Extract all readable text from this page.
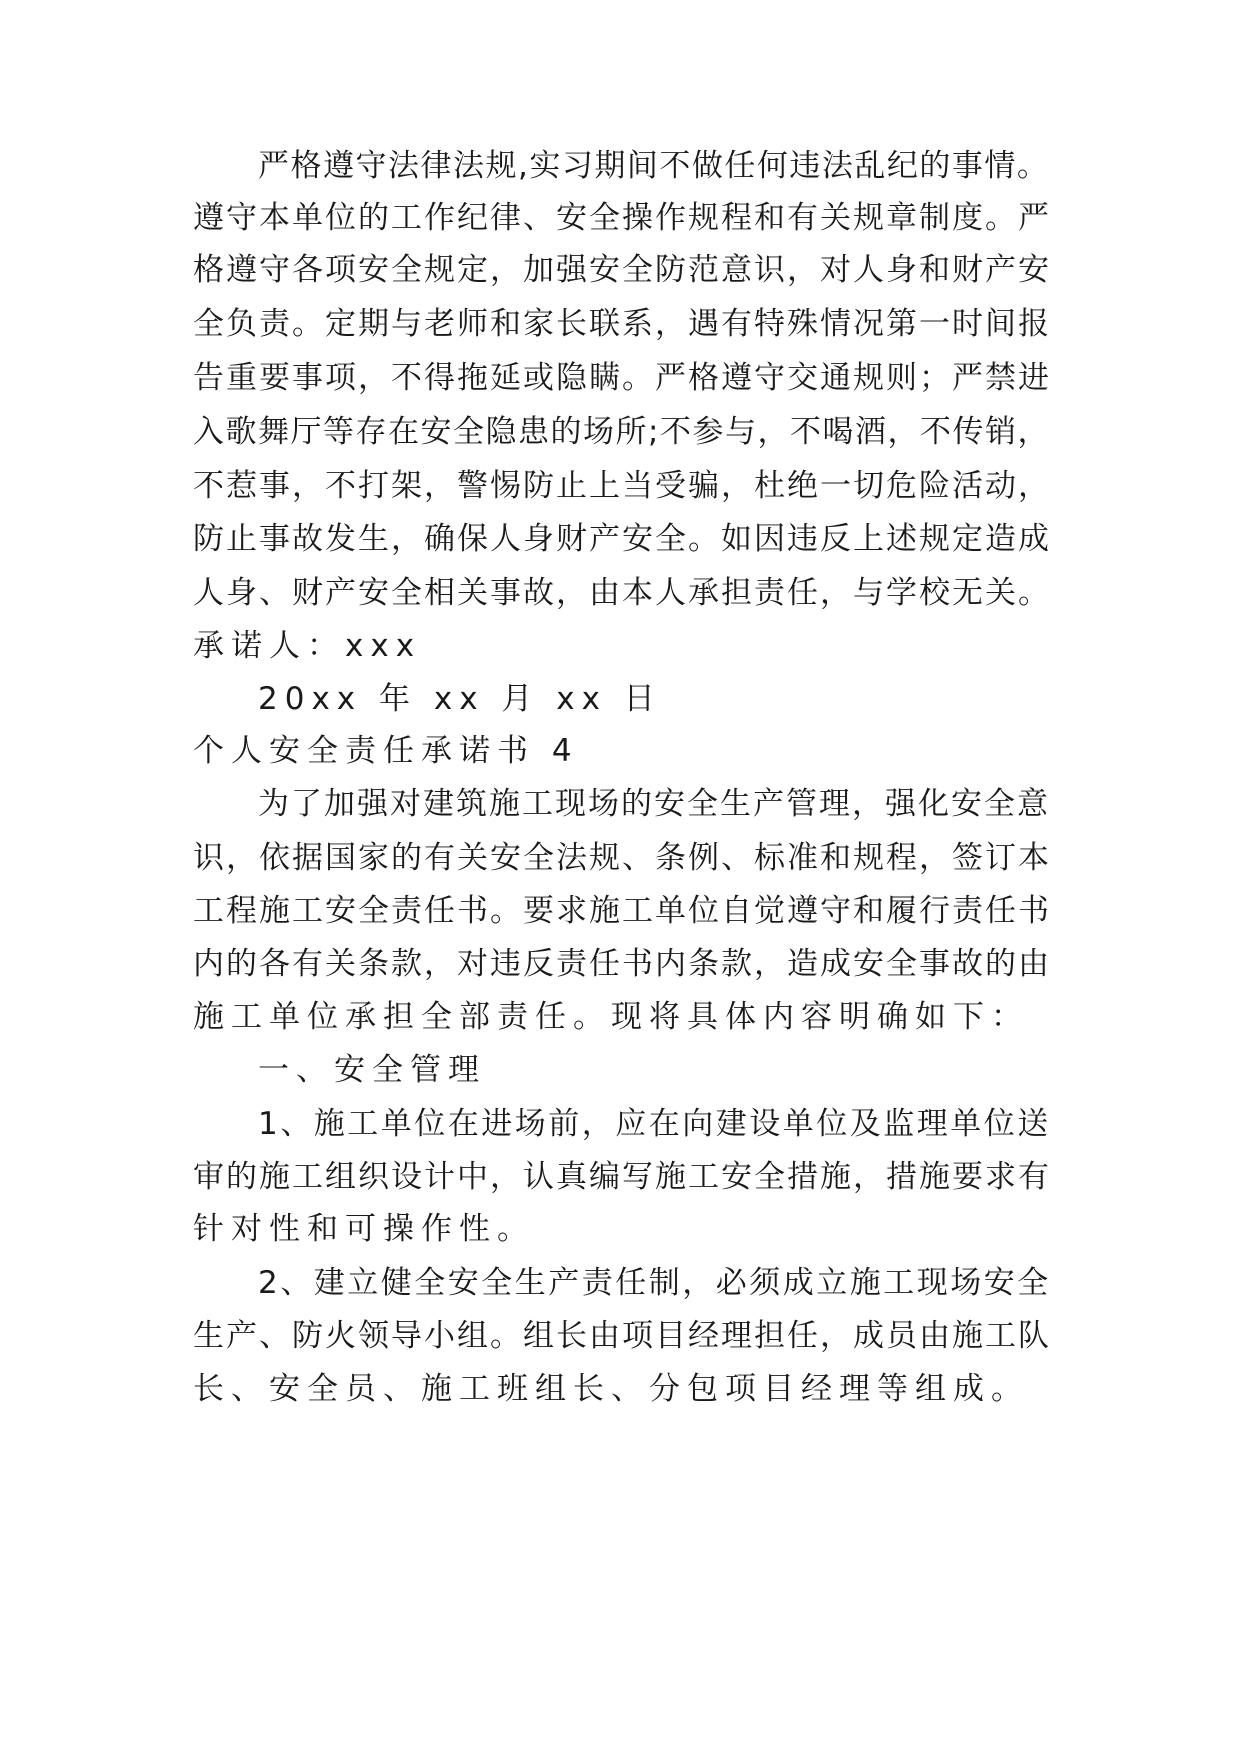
严格遵守法律法规,实习期间不做任何违法乱纪的事情。

遵守本单位的工作纪律、安全操作规程和有关规章制度。严

格遵守各项安全规定，加强安全防范意识，对人身和财产安

全负责。定期与老师和家长联系，遇有特殊情况第一时间报

告重要事项，不得拖延或隐瞒。严格遵守交通规则；严禁进

入歌舞厅等存在安全隐患的场所;不参与，不喝酒，不传销，

不惹事，不打架，警惕防止上当受骗，杜绝一切危险活动，

防止事故发生，确保人身财产安全。如因违反上述规定造成

人身、财产安全相关事故，由本人承担责任，与学校无关。

承诺人：xxx

20xx 年 xx 月 xx 日

个人安全责任承诺书 4

为了加强对建筑施工现场的安全生产管理，强化安全意

识，依据国家的有关安全法规、条例、标准和规程，签订本

工程施工安全责任书。要求施工单位自觉遵守和履行责任书

内的各有关条款，对违反责任书内条款，造成安全事故的由

施工单位承担全部责任。现将具体内容明确如下：

一、安全管理

1、施工单位在进场前，应在向建设单位及监理单位送

审的施工组织设计中，认真编写施工安全措施，措施要求有

针对性和可操作性。

2、建立健全安全生产责任制，必须成立施工现场安全

生产、防火领导小组。组长由项目经理担任，成员由施工队

长、安全员、施工班组长、分包项目经理等组成。
